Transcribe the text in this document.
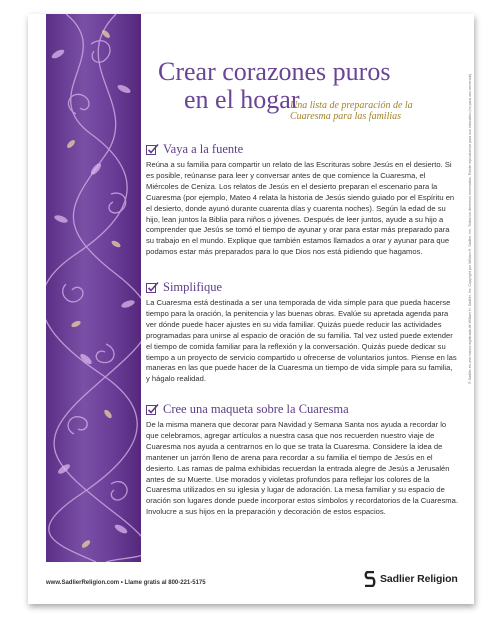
Crear corazones puros
en el hogar
Una lista de preparación de la Cuaresma para las familias
Vaya a la fuente

Reúna a su familia para compartir un relato de las Escrituras sobre Jesús en el desierto. Si es posible, reúnanse para leer y conversar antes de que comience la Cuaresma, el Miércoles de Ceniza. Los relatos de Jesús en el desierto preparan el escenario para la Cuaresma (por ejemplo, Mateo 4 relata la historia de Jesús siendo guiado por el Espíritu en el desierto, donde ayunó durante cuarenta días y cuarenta noches). Según la edad de su hijo, lean juntos la Biblia para niños o jóvenes. Después de leer juntos, ayude a su hijo a comprender que Jesús se tomó el tiempo de ayunar y orar para estar más preparado para su trabajo en el mundo. Explique que también estamos llamados a orar y ayunar para que podamos estar más preparados para lo que Dios nos está pidiendo que hagamos.

Simplifique

La Cuaresma está destinada a ser una temporada de vida simple para que pueda hacerse tiempo para la oración, la penitencia y las buenas obras. Evalúe su apretada agenda para ver dónde puede hacer ajustes en su vida familiar. Quizás puede reducir las actividades programadas para unirse al espacio de oración de su familia. Tal vez usted puede extender el tiempo de comida familiar para la reflexión y la conversación. Quizás puede dedicar su tiempo a un proyecto de servicio compartido u ofrecerse de voluntarios juntos. Piense en las maneras en las que puede hacer de la Cuaresma un tiempo de vida simple para su familia, y hágalo realidad.

Cree una maqueta sobre la Cuaresma

De la misma manera que decorar para Navidad y Semana Santa nos ayuda a recordar lo que celebramos, agregar artículos a nuestra casa que nos recuerden nuestro viaje de Cuaresma nos ayuda a centrarnos en lo que se trata la Cuaresma. Considere la idea de mantener un jarrón lleno de arena para recordar a su familia el tiempo de Jesús en el desierto. Las ramas de palma exhibidas recuerdan la entrada alegre de Jesús a Jerusalén antes de su Muerte. Use morados y violetas profundos para reflejar los colores de la Cuaresma utilizados en su iglesia y lugar de adoración. La mesa familiar y su espacio de oración son lugares donde puede incorporar estos símbolos y recordatorios de la Cuaresma. Involucre a sus hijos en la preparación y decoración de estos espacios.

www.SadlierReligion.com • Llame gratis al 800-221-5175	Sadlier Religion
® Sadlier es una marca registrada de William H. Sadlier, Inc. Copyright por William H. Sadlier, Inc. Todos los derechos reservados. Puede reproducirse para uso educativo (no para uso comercial).
